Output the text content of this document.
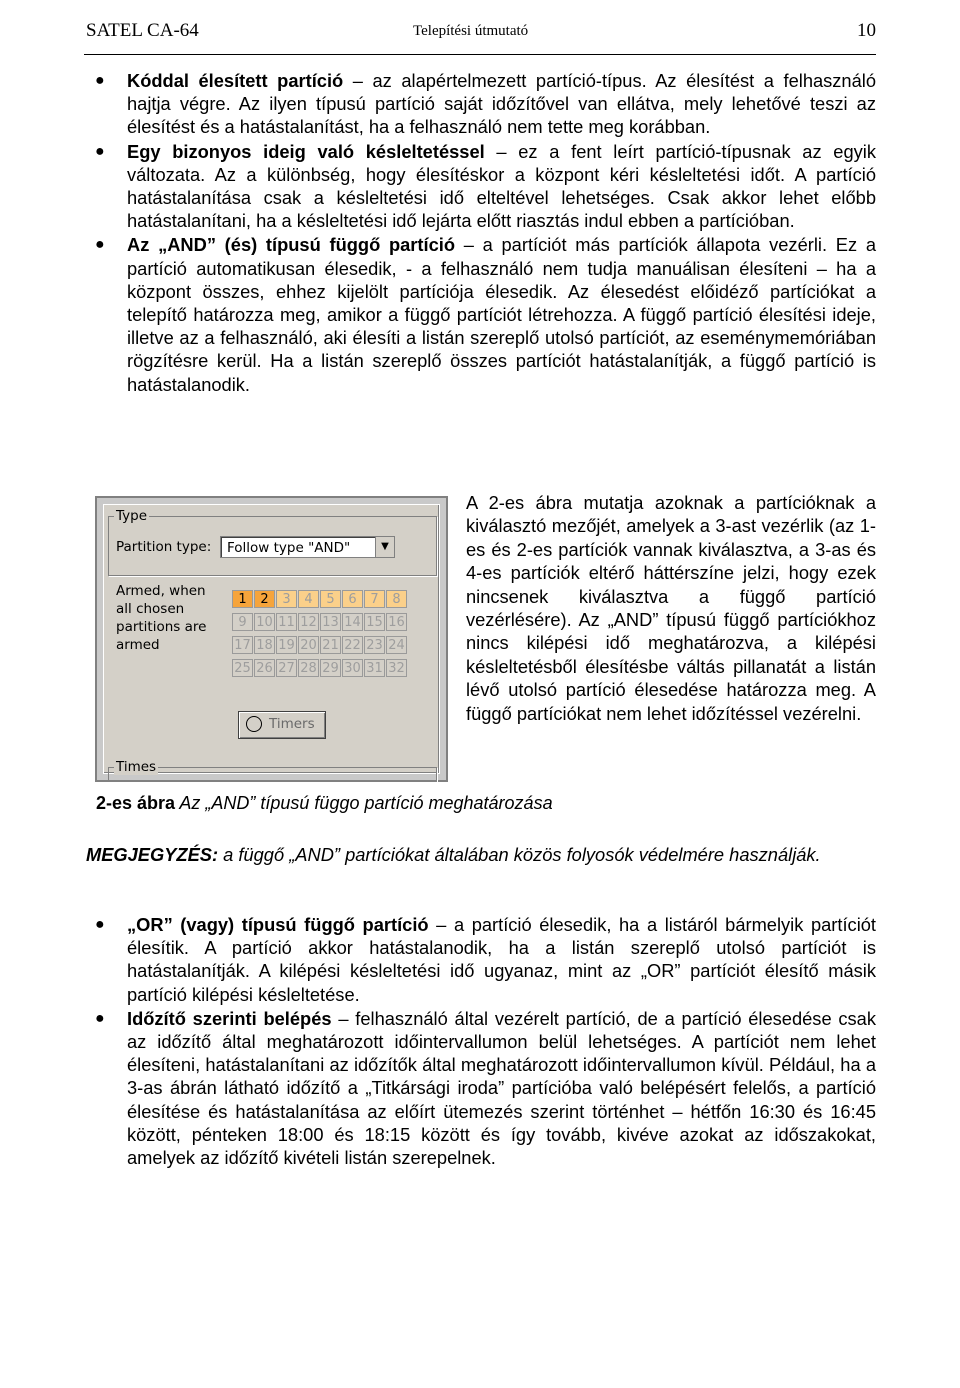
SATEL CA-64	Telepítési útmutató	10
● Kóddal élesített partíció – az alapértelmezett partíció-típus. Az élesítést a felhasználó hajtja végre. Az ilyen típusú partíció saját időzítővel van ellátva, mely lehetővé teszi az élesítést és a hatástalanítást, ha a felhasználó nem tette meg korábban.

● Egy bizonyos ideig való késleltetéssel – ez a fent leírt partíció-típusnak az egyik változata. Az a különbség, hogy élesítéskor a központ kéri késleltetési időt. A partíció hatástalanítása csak a késleltetési idő elteltével lehetséges. Csak akkor lehet előbb hatástalanítani, ha a késleltetési idő lejárta előtt riasztás indul ebben a partícióban.

● Az „AND” (és) típusú függő partíció – a partíciót más partíciók állapota vezérli. Ez a partíció automatikusan élesedik, - a felhasználó nem tudja manuálisan élesíteni – ha a központ összes, ehhez kijelölt partíciója élesedik. Az élesedést előidéző partíciókat a telepítő határozza meg, amikor a függő partíciót létrehozza. A függő partíció élesítési ideje, illetve az a felhasználó, aki élesíti a listán szereplő utolsó partíciót, az eseménymemóriában rögzítésre kerül. Ha a listán szereplő összes partíciót hatástalanítják, a függő partíció is hatástalanodik.

Type
Partition type:	Follow type "AND"	▼
Armed, when
all chosen
partitions are
armed
1	2	3	4	5	6	7	8
9 10 11 12 13 14 15 16
17 18 19 20 21 22 23 24
25 26 27 28 29 30 31 32
Timers
Times
A 2-es ábra mutatja azoknak a partícióknak a kiválasztó mezőjét, amelyek a 3-ast vezérlik (az 1-es és 2-es partíciók vannak kiválasztva, a 3-as és 4-es partíciók eltérő háttérszíne jelzi, hogy ezek nincsenek kiválasztva a függő partíció vezérlésére). Az „AND” típusú függő partíciókhoz nincs kilépési idő meghatározva, a kilépési késleltetésből élesítésbe váltás pillanatát a listán lévő utolsó partíció élesedése határozza meg. A függő partíciókat nem lehet időzítéssel vezérelni.
2-es ábra Az „AND” típusú függo partíció meghatározása
MEGJEGYZÉS: a függő „AND” partíciókat általában közös folyosók védelmére használják.
● „OR” (vagy) típusú függő partíció – a partíció élesedik, ha a listáról bármelyik partíciót élesítik. A partíció akkor hatástalanodik, ha a listán szereplő utolsó partíciót is hatástalanítják. A kilépési késleltetési idő ugyanaz, mint az „OR” partíciót élesítő másik partíció kilépési késleltetése.

● Időzítő szerinti belépés – felhasználó által vezérelt partíció, de a partíció élesedése csak az időzítő által meghatározott időintervallumon belül lehetséges. A partíciót nem lehet élesíteni, hatástalanítani az időzítők által meghatározott időintervallumon kívül. Például, ha a 3-as ábrán látható időzítő a „Titkársági iroda” partícióba való belépésért felelős, a partíció élesítése és hatástalanítása az előírt ütemezés szerint történhet – hétfőn 16:30 és 16:45 között, pénteken 18:00 és 18:15 között és így tovább, kivéve azokat az időszakokat, amelyek az időzítő kivételi listán szerepelnek.
